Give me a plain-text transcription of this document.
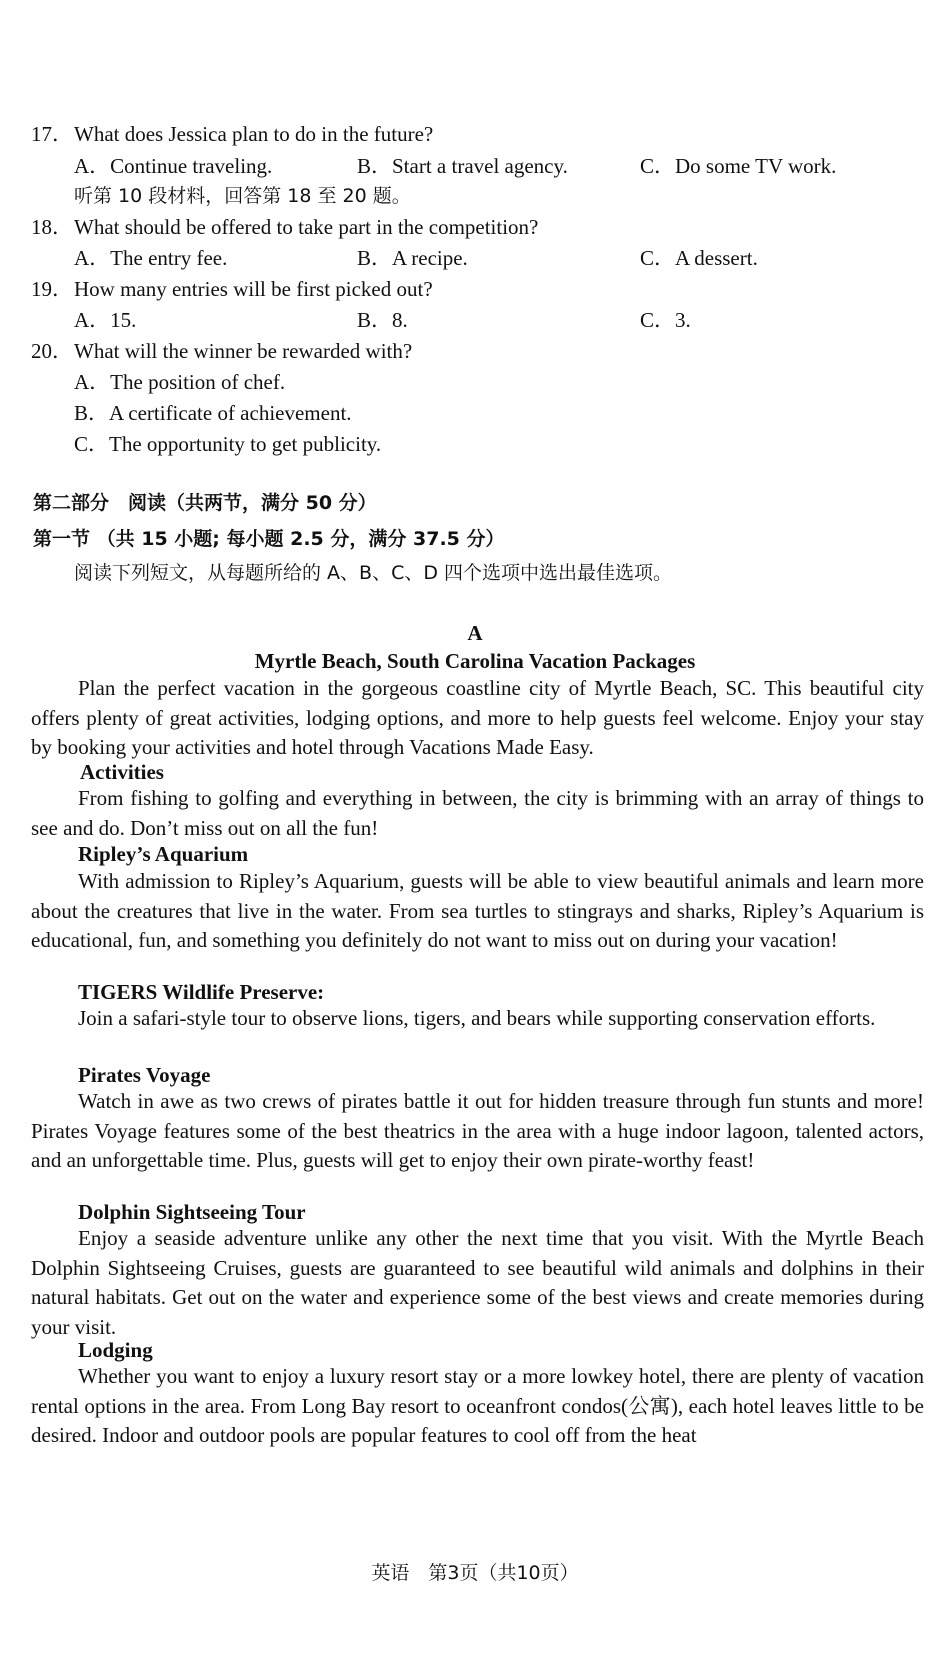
17． What does Jessica plan to do in the future?
A．Continue traveling.	B．Start a travel agency.	C．Do some TV work.
听第 10 段材料，回答第 18 至 20 题。
18． What should be offered to take part in the competition?
A．The entry fee.	B．A recipe.	C．A dessert.
19． How many entries will be first picked out?
A．15.	B．8.	C．3.
20． What will the winner be rewarded with?
A．The position of chef.
B．A certificate of achievement.
C．The opportunity to get publicity.
第二部分　阅读（共两节，满分 50 分）
第一节 （共 15 小题; 每小题 2.5 分，满分 37.5 分）
阅读下列短文，从每题所给的 A、B、C、D 四个选项中选出最佳选项。
A
Myrtle Beach, South Carolina Vacation Packages

Plan the perfect vacation in the gorgeous coastline city of Myrtle Beach, SC. This beautiful city offers plenty of great activities, lodging options, and more to help guests feel welcome. Enjoy your stay by booking your activities and hotel through Vacations Made Easy.

Activities

From fishing to golfing and everything in between, the city is brimming with an array of things to see and do. Don’t miss out on all the fun!

Ripley’s Aquarium

With admission to Ripley’s Aquarium, guests will be able to view beautiful animals and learn more about the creatures that live in the water. From sea turtles to stingrays and sharks, Ripley’s Aquarium is educational, fun, and something you definitely do not want to miss out on during your vacation!

TIGERS Wildlife Preserve:

Join a safari-style tour to observe lions, tigers, and bears while supporting conservation efforts.

Pirates Voyage

Watch in awe as two crews of pirates battle it out for hidden treasure through fun stunts and more! Pirates Voyage features some of the best theatrics in the area with a huge indoor lagoon, talented actors, and an unforgettable time. Plus, guests will get to enjoy their own pirate-worthy feast!

Dolphin Sightseeing Tour

Enjoy a seaside adventure unlike any other the next time that you visit. With the Myrtle Beach Dolphin Sightseeing Cruises, guests are guaranteed to see beautiful wild animals and dolphins in their natural habitats. Get out on the water and experience some of the best views and create memories during your visit.

Lodging

Whether you want to enjoy a luxury resort stay or a more lowkey hotel, there are plenty of vacation rental options in the area. From Long Bay resort to oceanfront condos(公寓), each hotel leaves little to be desired. Indoor and outdoor pools are popular features to cool off from the heat

英语　第3页（共10页）
